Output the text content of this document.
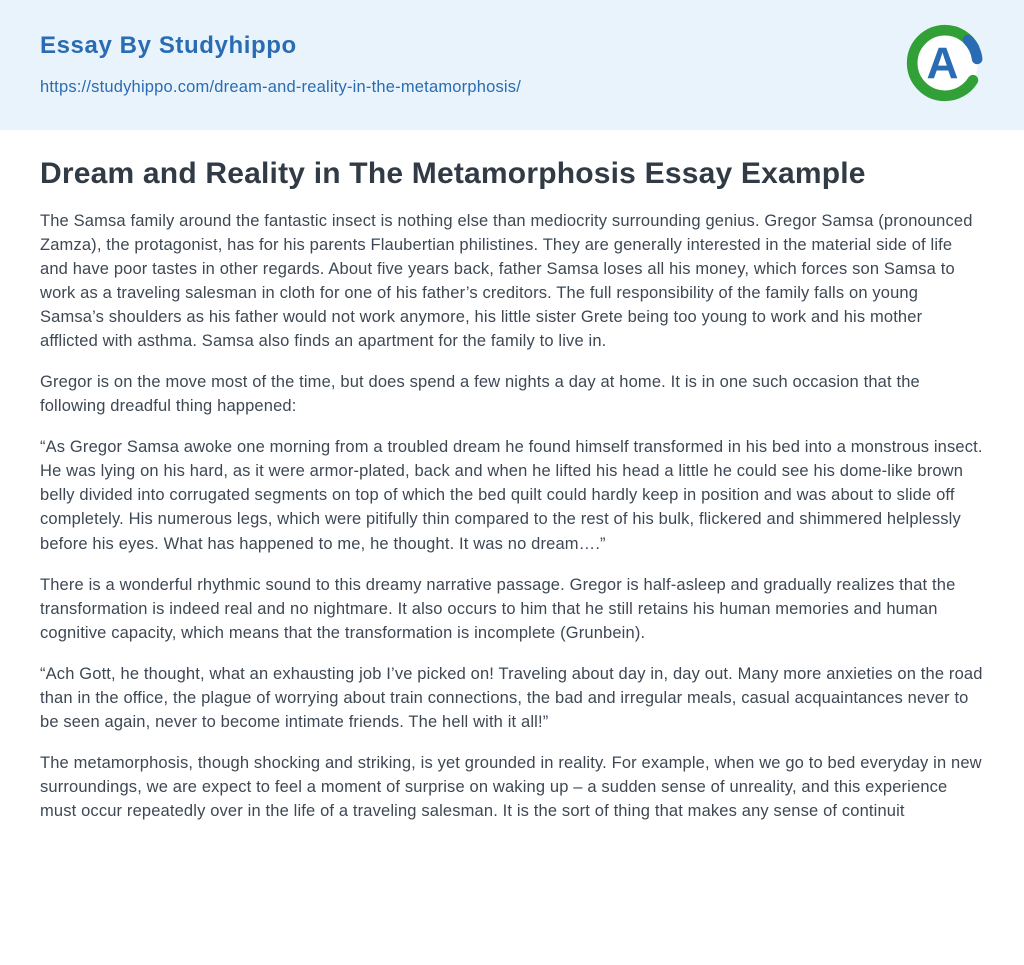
Essay By Studyhippo
https://studyhippo.com/dream-and-reality-in-the-metamorphosis/	A
Dream and Reality in The Metamorphosis Essay Example

The Samsa family around the fantastic insect is nothing else than mediocrity surrounding genius. Gregor Samsa (pronounced Zamza), the protagonist, has for his parents Flaubertian philistines. They are generally interested in the material side of life and have poor tastes in other regards. About five years back, father Samsa loses all his money, which forces son Samsa to work as a traveling salesman in cloth for one of his father’s creditors. The full responsibility of the family falls on young Samsa’s shoulders as his father would not work anymore, his little sister Grete being too young to work and his mother afflicted with asthma. Samsa also finds an apartment for the family to live in.

Gregor is on the move most of the time, but does spend a few nights a day at home. It is in one such occasion that the following dreadful thing happened:

“As Gregor Samsa awoke one morning from a troubled dream he found himself transformed in his bed into a monstrous insect. He was lying on his hard, as it were armor-plated, back and when he lifted his head a little he could see his dome-like brown belly divided into corrugated segments on top of which the bed quilt could hardly keep in position and was about to slide off completely. His numerous legs, which were pitifully thin compared to the rest of his bulk, flickered and shimmered helplessly before his eyes. What has happened to me, he thought. It was no dream….”

There is a wonderful rhythmic sound to this dreamy narrative passage. Gregor is half-asleep and gradually realizes that the transformation is indeed real and no nightmare. It also occurs to him that he still retains his human memories and human cognitive capacity, which means that the transformation is incomplete (Grunbein).

“Ach Gott, he thought, what an exhausting job I’ve picked on! Traveling about day in, day out. Many more anxieties on the road than in the office, the plague of worrying about train connections, the bad and irregular meals, casual acquaintances never to be seen again, never to become intimate friends. The hell with it all!”

The metamorphosis, though shocking and striking, is yet grounded in reality. For example, when we go to bed everyday in new surroundings, we are expect to feel a moment of surprise on waking up – a sudden sense of unreality, and this experience must occur repeatedly over in the life of a traveling salesman. It is the sort of thing that makes any sense of continuit
